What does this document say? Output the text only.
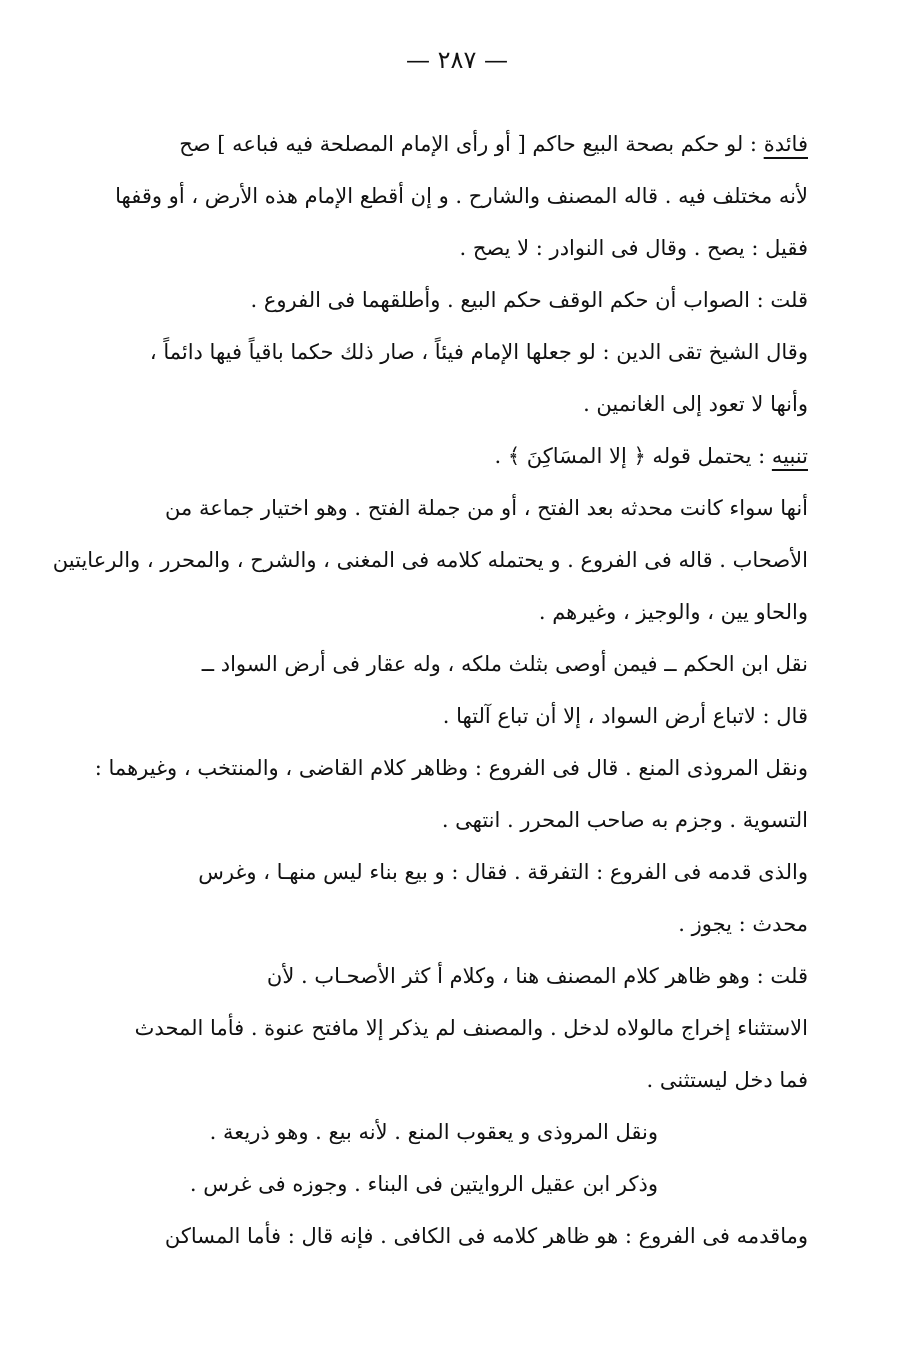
— ٢٨٧ —
فائدة : لو حكم بصحة البيع حاكم [ أو رأى الإمام المصلحة فيه فباعه ] صح
لأنه مختلف فيه . قاله المصنف والشارح . و إن أقطع الإمام هذه الأرض ، أو وقفها
فقيل : يصح . وقال فى النوادر : لا يصح .
قلت : الصواب أن حكم الوقف حكم البيع . وأطلقهما فى الفروع .
وقال الشيخ تقى الدين : لو جعلها الإمام فيئاً ، صار ذلك حكما باقياً فيها دائماً ،
وأنها لا تعود إلى الغانمين .
تنبيه : يحتمل قوله ﴿ إلا المسَاكِنَ ﴾ .
أنها سواء كانت محدثه بعد الفتح ، أو من جملة الفتح . وهو اختيار جماعة من
الأصحاب . قاله فى الفروع . و يحتمله كلامه فى المغنى ، والشرح ، والمحرر ، والرعايتين
والحاو يين ، والوجيز ، وغيرهم .
نقل ابن الحكم ــ فيمن أوصى بثلث ملكه ، وله عقار فى أرض السواد ــ
قال : لاتباع أرض السواد ، إلا أن تباع آلتها .
ونقل المروذى المنع . قال فى الفروع : وظاهر كلام القاضى ، والمنتخب ، وغيرهما :
التسوية . وجزم به صاحب المحرر . انتهى .
والذى قدمه فى الفروع : التفرقة . فقال : و بيع بناء ليس منهـا ، وغرس
محدث : يجوز .
قلت : وهو ظاهر كلام المصنف هنا ، وكلام أ كثر الأصحـاب . لأن
الاستثناء إخراج مالولاه لدخل . والمصنف لم يذكر إلا مافتح عنوة . فأما المحدث
فما دخل ليستثنى .
ونقل المروذى و يعقوب المنع . لأنه بيع . وهو ذريعة .
وذكر ابن عقيل الروايتين فى البناء . وجوزه فى غرس .
وماقدمه فى الفروع : هو ظاهر كلامه فى الكافى . فإنه قال : فأما المساكن
